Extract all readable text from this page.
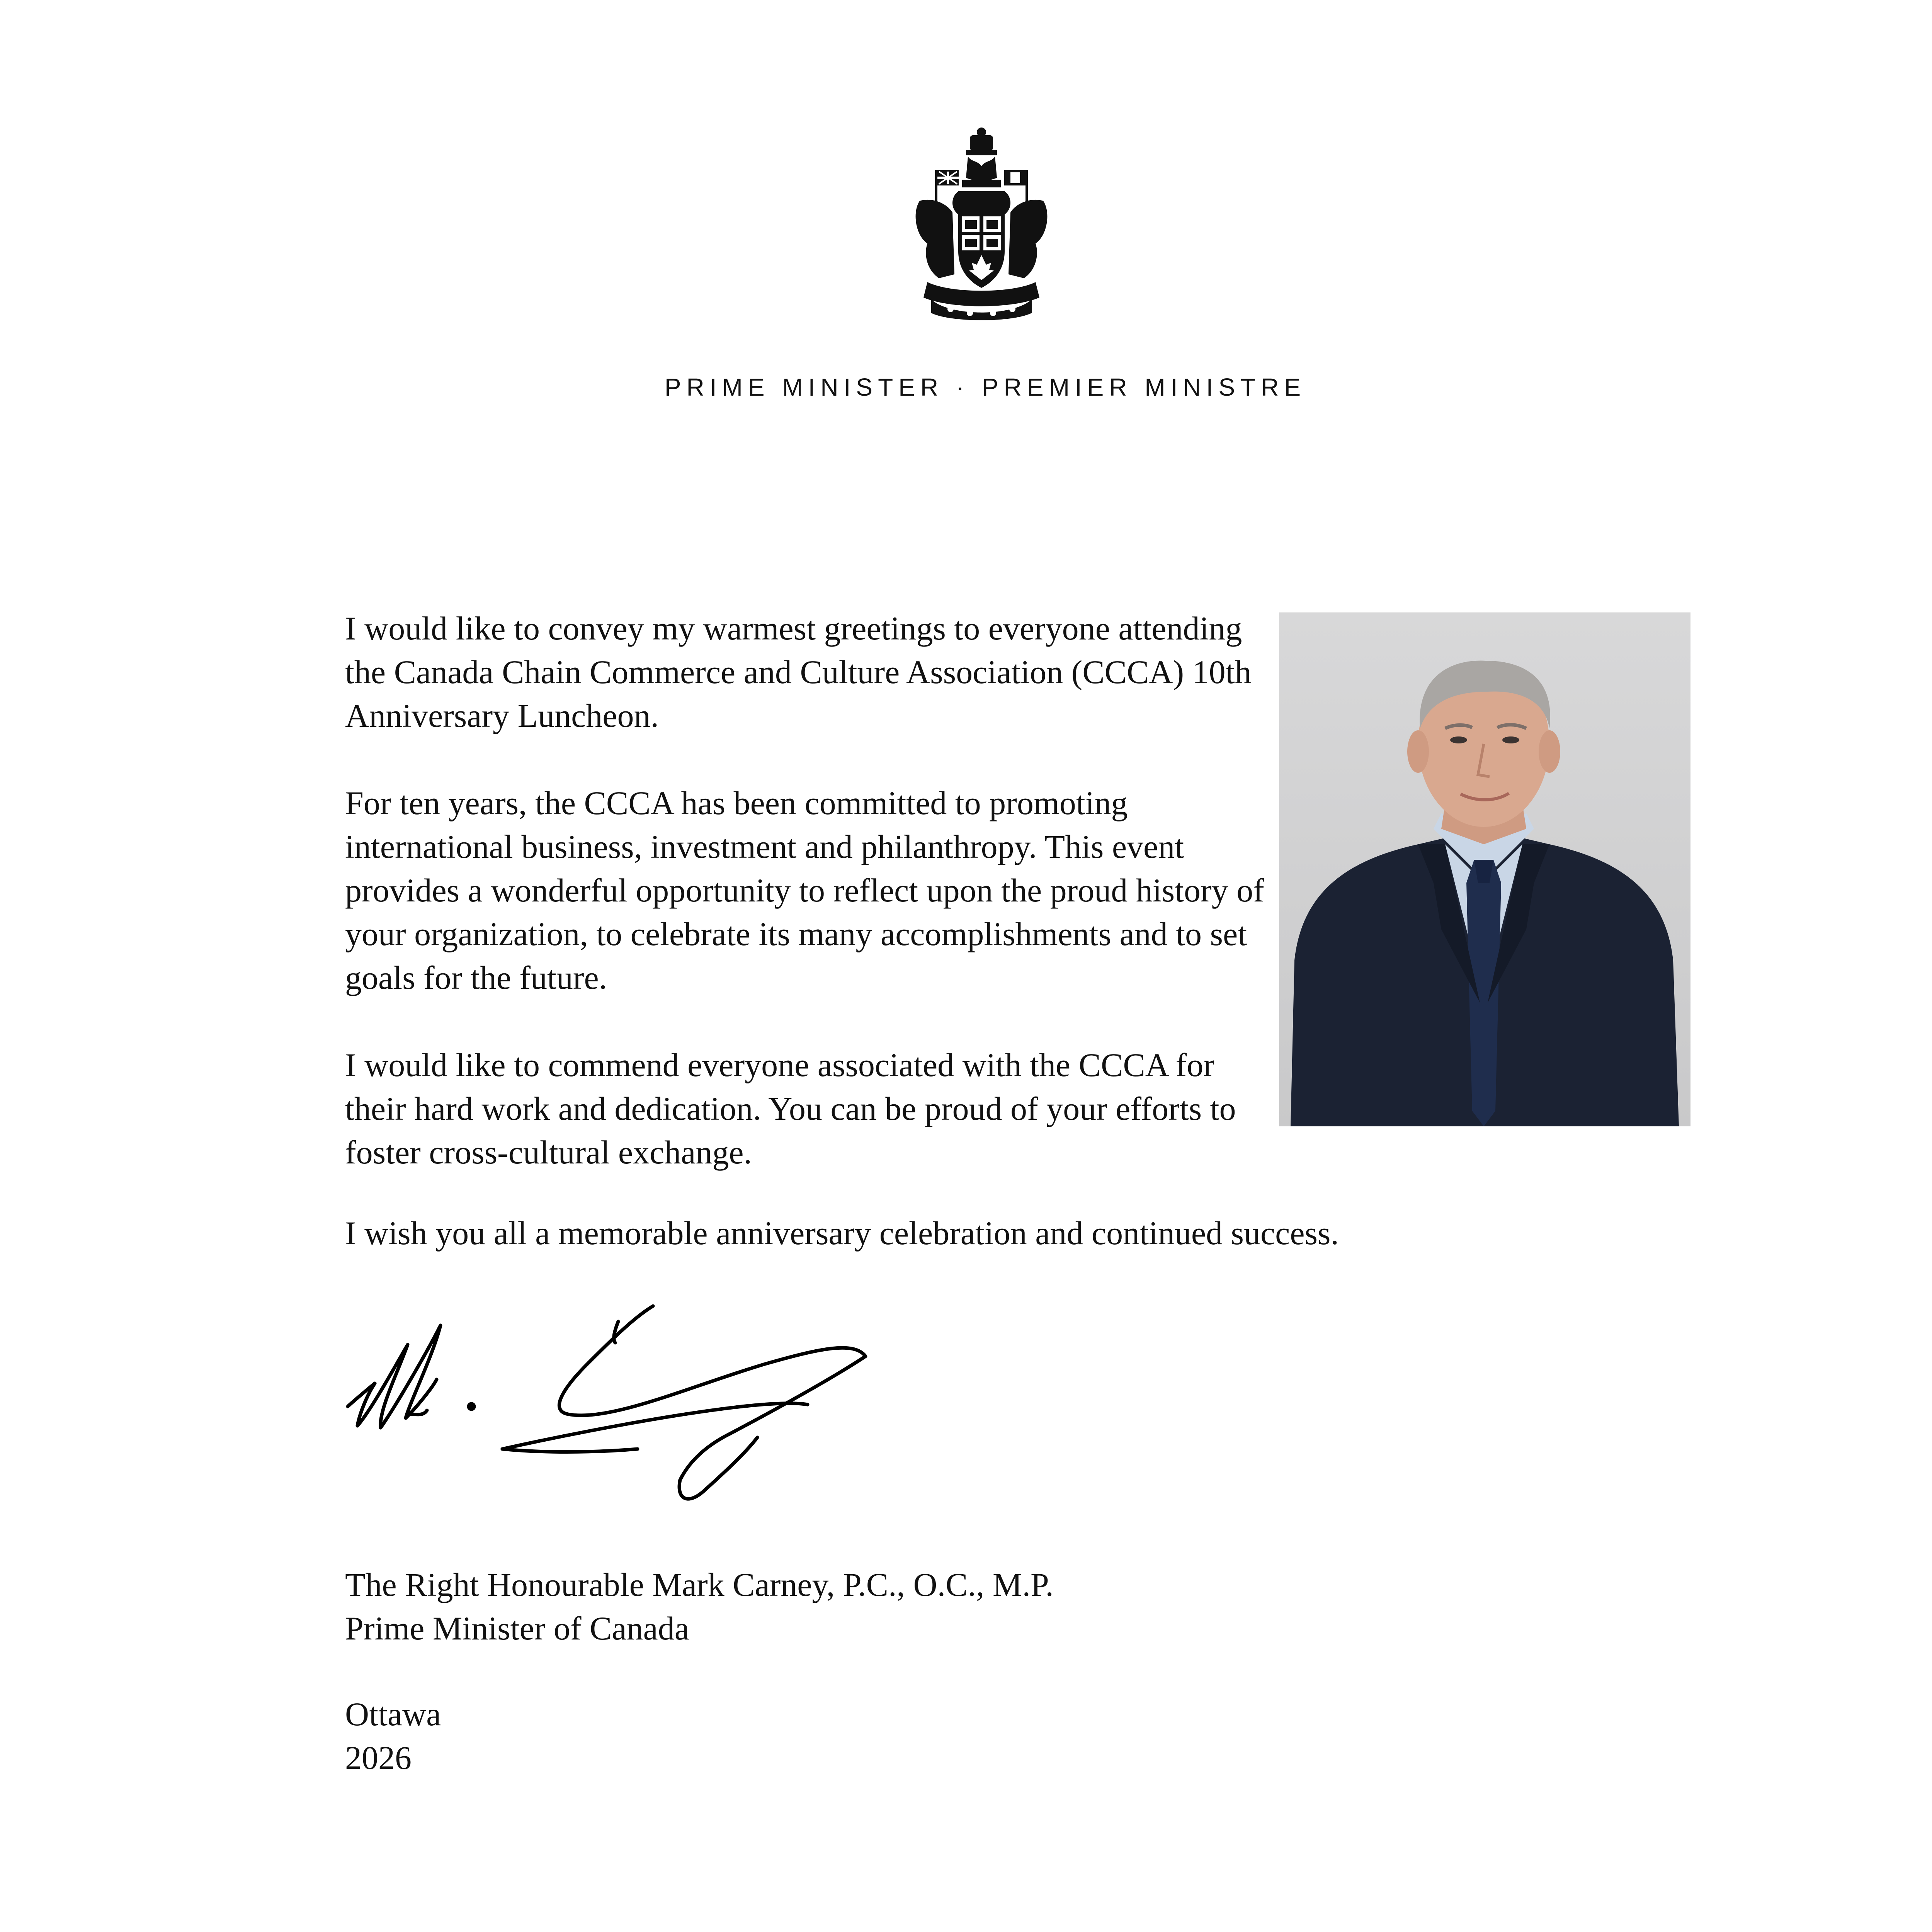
PRIME MINISTER · PREMIER MINISTRE

I would like to convey my warmest greetings to everyone attending the Canada Chain Commerce and Culture Association (CCCA) 10th Anniversary Luncheon.

For ten years, the CCCA has been committed to promoting international business, investment and philanthropy. This event provides a wonderful opportunity to reflect upon the proud history of your organization, to celebrate its many accomplishments and to set goals for the future.

I would like to commend everyone associated with the CCCA for their hard work and dedication. You can be proud of your efforts to foster cross-cultural exchange.

I wish you all a memorable anniversary celebration and continued success.
The Right Honourable Mark Carney, P.C., O.C., M.P.
Prime Minister of Canada
Ottawa
2026
